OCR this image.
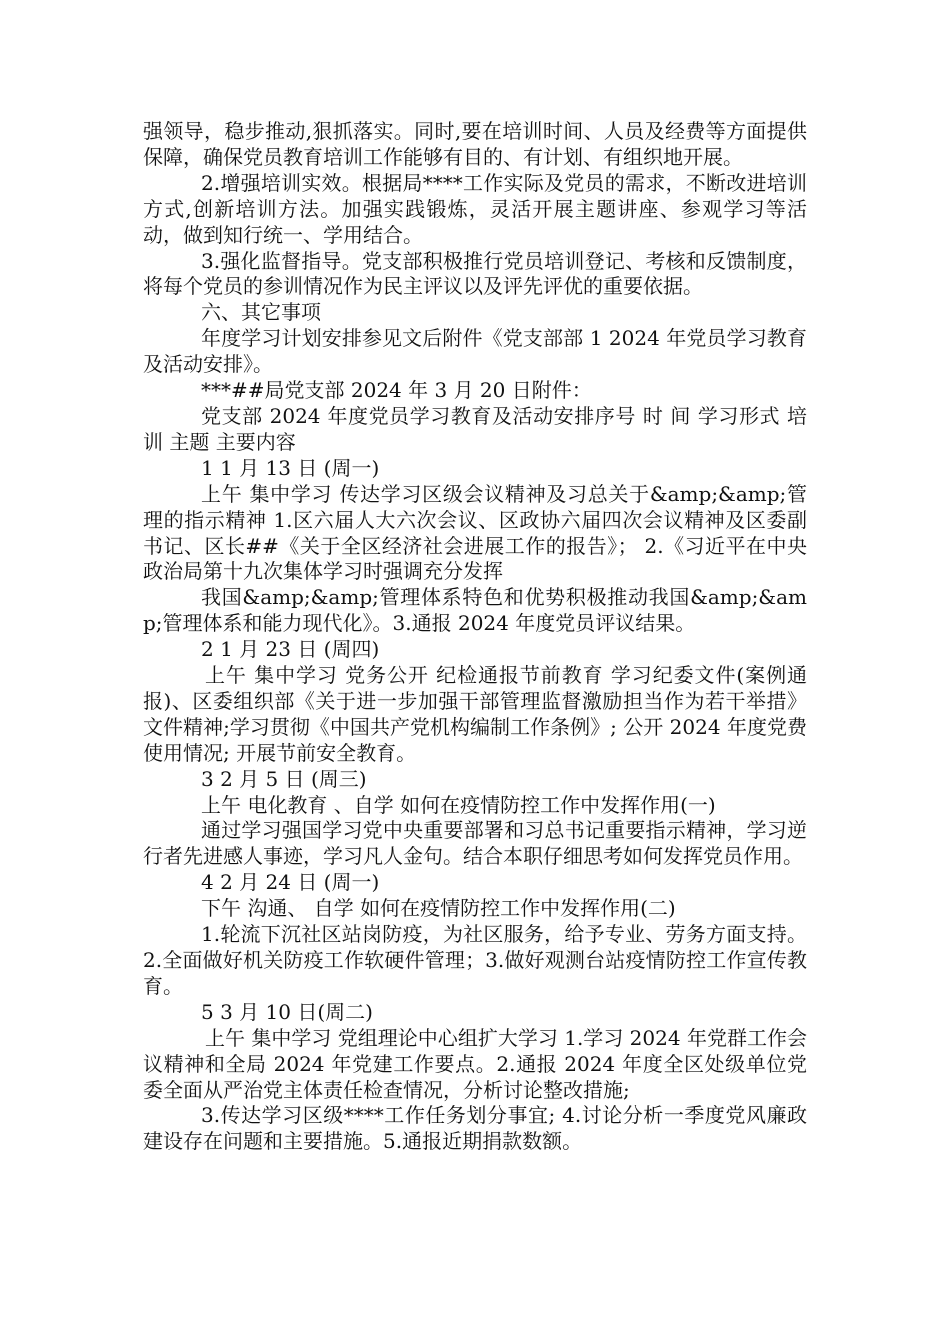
强领导，稳步推动,狠抓落实。同时,要在培训时间、人员及经费等方面提供保障，确保党员教育培训工作能够有目的、有计划、有组织地开展。

2.增强培训实效。根据局****工作实际及党员的需求，不断改进培训方式,创新培训方法。加强实践锻炼，灵活开展主题讲座、参观学习等活动，做到知行统一、学用结合。

3.强化监督指导。党支部积极推行党员培训登记、考核和反馈制度，将每个党员的参训情况作为民主评议以及评先评优的重要依据。

六、其它事项

年度学习计划安排参见文后附件《党支部部 1 2024 年党员学习教育及活动安排》。

***##局党支部 2024 年 3 月 20 日附件：

党支部 2024 年度党员学习教育及活动安排序号 时 间 学习形式 培训 主题 主要内容

1 1 月 13 日 (周一)

上午 集中学习 传达学习区级会议精神及习总关于&amp;&amp;管理的指示精神 1.区六届人大六次会议、区政协六届四次会议精神及区委副书记、区长##《关于全区经济社会进展工作的报告》； 2.《习近平在中央政治局第十九次集体学习时强调充分发挥

我国&amp;&amp;管理体系特色和优势积极推动我国&amp;&amp;管理体系和能力现代化》。3.通报 2024 年度党员评议结果。

2 1 月 23 日 (周四)

上午 集中学习 党务公开 纪检通报节前教育 学习纪委文件(案例通报)、区委组织部《关于进一步加强干部管理监督激励担当作为若干举措》文件精神;学习贯彻《中国共产党机构编制工作条例》; 公开 2024 年度党费使用情况; 开展节前安全教育。

3 2 月 5 日 (周三)

上午 电化教育 、自学 如何在疫情防控工作中发挥作用(一)

通过学习强国学习党中央重要部署和习总书记重要指示精神，学习逆行者先进感人事迹，学习凡人金句。结合本职仔细思考如何发挥党员作用。

4 2 月 24 日 (周一)

下午 沟通、 自学 如何在疫情防控工作中发挥作用(二)

1.轮流下沉社区站岗防疫，为社区服务，给予专业、劳务方面支持。2.全面做好机关防疫工作软硬件管理；3.做好观测台站疫情防控工作宣传教育。

5 3 月 10 日(周二)

上午 集中学习 党组理论中心组扩大学习 1.学习 2024 年党群工作会议精神和全局 2024 年党建工作要点。2.通报 2024 年度全区处级单位党委全面从严治党主体责任检查情况，分析讨论整改措施;

3.传达学习区级****工作任务划分事宜; 4.讨论分析一季度党风廉政建设存在问题和主要措施。5.通报近期捐款数额。
